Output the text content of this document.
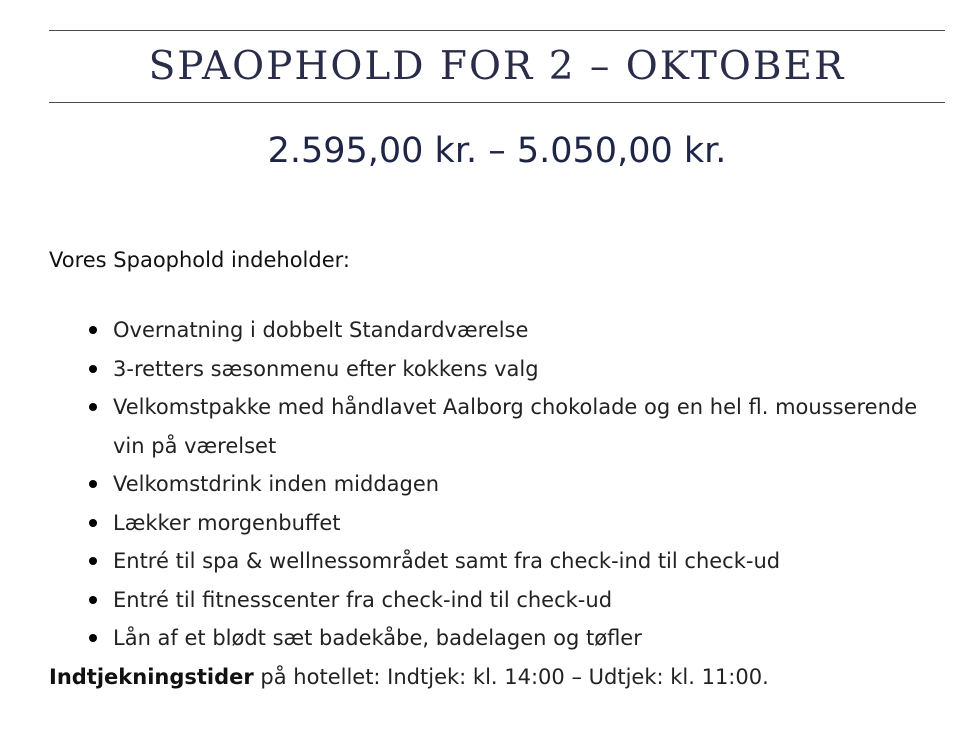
SPAOPHOLD FOR 2 – OKTOBER
2.595,00 kr. – 5.050,00 kr.
Vores Spaophold indeholder:
Overnatning i dobbelt Standardværelse
3-retters sæsonmenu efter kokkens valg
Velkomstpakke med håndlavet Aalborg chokolade og en hel fl. mousserende vin på værelset
Velkomstdrink inden middagen
Lækker morgenbuffet
Entré til spa & wellnessområdet samt fra check-ind til check-ud
Entré til fitnesscenter fra check-ind til check-ud
Lån af et blødt sæt badekåbe, badelagen og tøfler
Indtjekningstider på hotellet: Indtjek: kl. 14:00 – Udtjek: kl. 11:00.
